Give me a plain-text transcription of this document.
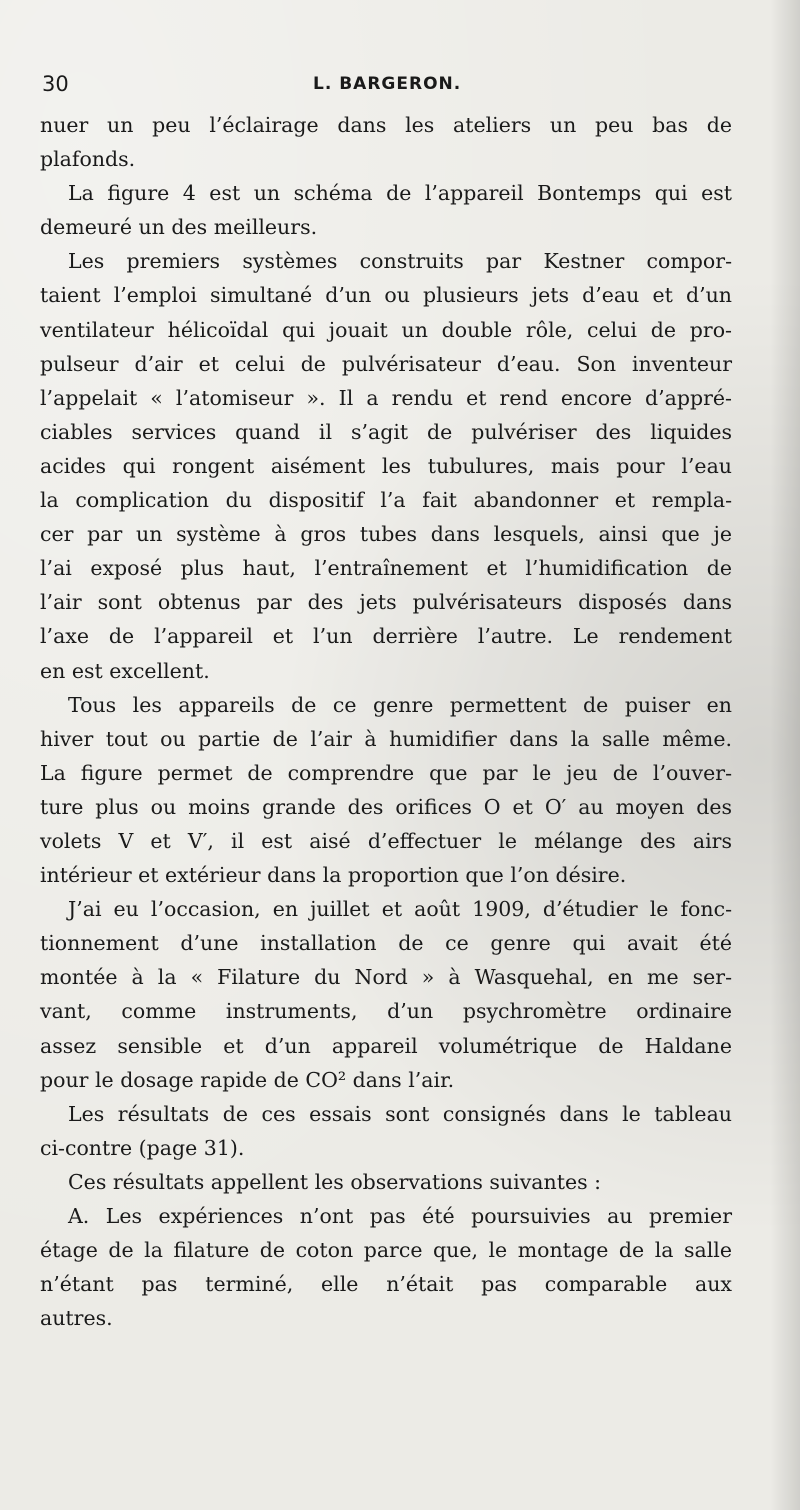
30	L. BARGERON.
nuer un peu l’éclairage dans les ateliers un peu bas de
plafonds.
La figure 4 est un schéma de l’appareil Bontemps qui est
demeuré un des meilleurs.
Les premiers systèmes construits par Kestner compor-
taient l’emploi simultané d’un ou plusieurs jets d’eau et d’un
ventilateur hélicoïdal qui jouait un double rôle, celui de pro-
pulseur d’air et celui de pulvérisateur d’eau. Son inventeur
l’appelait « l’atomiseur ». Il a rendu et rend encore d’appré-
ciables services quand il s’agit de pulvériser des liquides
acides qui rongent aisément les tubulures, mais pour l’eau
la complication du dispositif l’a fait abandonner et rempla-
cer par un système à gros tubes dans lesquels, ainsi que je
l’ai exposé plus haut, l’entraînement et l’humidification de
l’air sont obtenus par des jets pulvérisateurs disposés dans
l’axe de l’appareil et l’un derrière l’autre. Le rendement
en est excellent.
Tous les appareils de ce genre permettent de puiser en
hiver tout ou partie de l’air à humidifier dans la salle même.
La figure permet de comprendre que par le jeu de l’ouver-
ture plus ou moins grande des orifices O et O′ au moyen des
volets V et V′, il est aisé d’effectuer le mélange des airs
intérieur et extérieur dans la proportion que l’on désire.
J’ai eu l’occasion, en juillet et août 1909, d’étudier le fonc-
tionnement d’une installation de ce genre qui avait été
montée à la « Filature du Nord » à Wasquehal, en me ser-
vant, comme instruments, d’un psychromètre ordinaire
assez sensible et d’un appareil volumétrique de Haldane
pour le dosage rapide de CO² dans l’air.
Les résultats de ces essais sont consignés dans le tableau
ci-contre (page 31).
Ces résultats appellent les observations suivantes :
A. Les expériences n’ont pas été poursuivies au premier
étage de la filature de coton parce que, le montage de la salle
n’étant pas terminé, elle n’était pas comparable aux
autres.
